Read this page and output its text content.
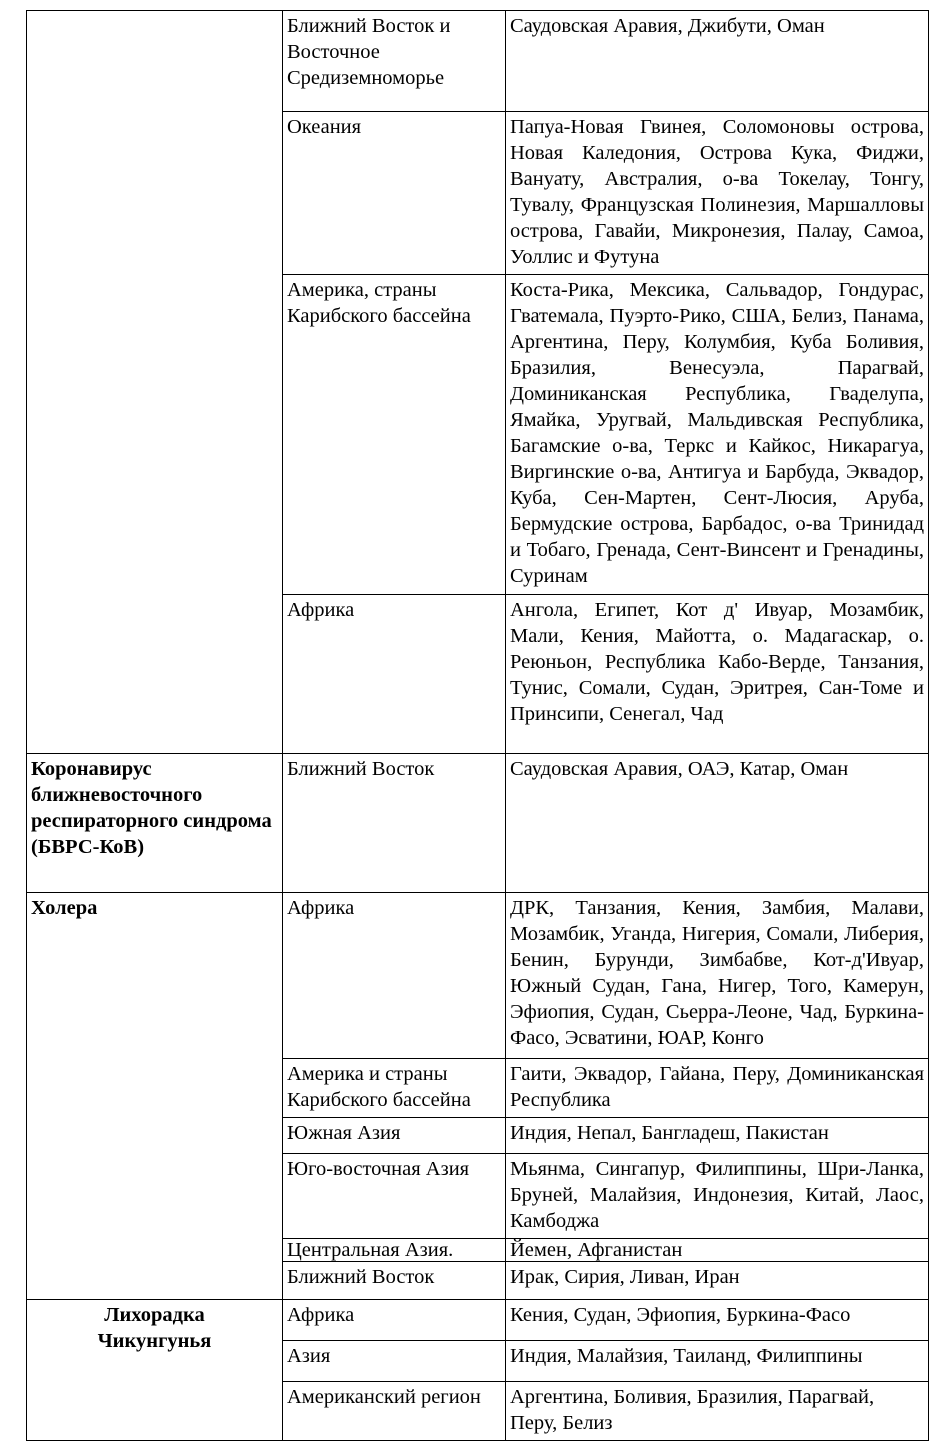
	Ближний Восток и Восточное Средиземноморье	Саудовская Аравия, Джибути, Оман
	Океания	Папуа-Новая Гвинея, Соломоновы острова, Новая Каледония, Острова Кука, Фиджи, Вануату, Австралия, о-ва Токелау, Тонгу, Тувалу, Французская Полинезия, Маршалловы острова, Гавайи, Микронезия, Палау, Самоа, Уоллис и Футуна
	Америка, страны Карибского бассейна	Коста-Рика, Мексика, Сальвадор, Гондурас, Гватемала, Пуэрто-Рико, США, Белиз, Панама, Аргентина, Перу, Колумбия, Куба Боливия, Бразилия, Венесуэла, Парагвай, Доминиканская Республика, Гваделупа, Ямайка, Уругвай, Мальдивская Республика, Багамские о-ва, Теркс и Кайкос, Никарагуа, Виргинские о-ва, Антигуа и Барбуда, Эквадор, Куба, Сен-Мартен, Сент-Люсия, Аруба, Бермудские острова, Барбадос, о-ва Тринидад и Тобаго, Гренада, Сент-Винсент и Гренадины, Суринам
	Африка	Ангола, Египет, Кот д' Ивуар, Мозамбик, Мали, Кения, Майотта, о. Мадагаскар, о. Реюньон, Республика Кабо-Верде, Танзания, Тунис, Сомали, Судан, Эритрея, Сан-Томе и Принсипи, Сенегал, Чад
Коронавирус ближневосточного респираторного синдрома (БВРС-КоВ)	Ближний Восток	Саудовская Аравия, ОАЭ, Катар, Оман
Холера	Африка	ДРК, Танзания, Кения, Замбия, Малави, Мозамбик, Уганда, Нигерия, Сомали, Либерия, Бенин, Бурунди, Зимбабве, Кот-д'Ивуар, Южный Судан, Гана, Нигер, Того, Камерун, Эфиопия, Судан, Сьерра-Леоне, Чад, Буркина-Фасо, Эсватини, ЮАР, Конго
	Америка и страны Карибского бассейна	Гаити, Эквадор, Гайана, Перу, Доминиканская Республика
	Южная Азия	Индия, Непал, Бангладеш, Пакистан
	Юго-восточная Азия	Мьянма, Сингапур, Филиппины, Шри-Ланка, Бруней, Малайзия, Индонезия, Китай, Лаос, Камбоджа
	Центральная Азия.	Йемен, Афганистан
	Ближний Восток	Ирак, Сирия, Ливан, Иран
Лихорадка Чикунгунья	Африка	Кения, Судан, Эфиопия, Буркина-Фасо
	Азия	Индия, Малайзия, Таиланд, Филиппины
	Американский регион	Аргентина, Боливия, Бразилия, Парагвай, Перу, Белиз
